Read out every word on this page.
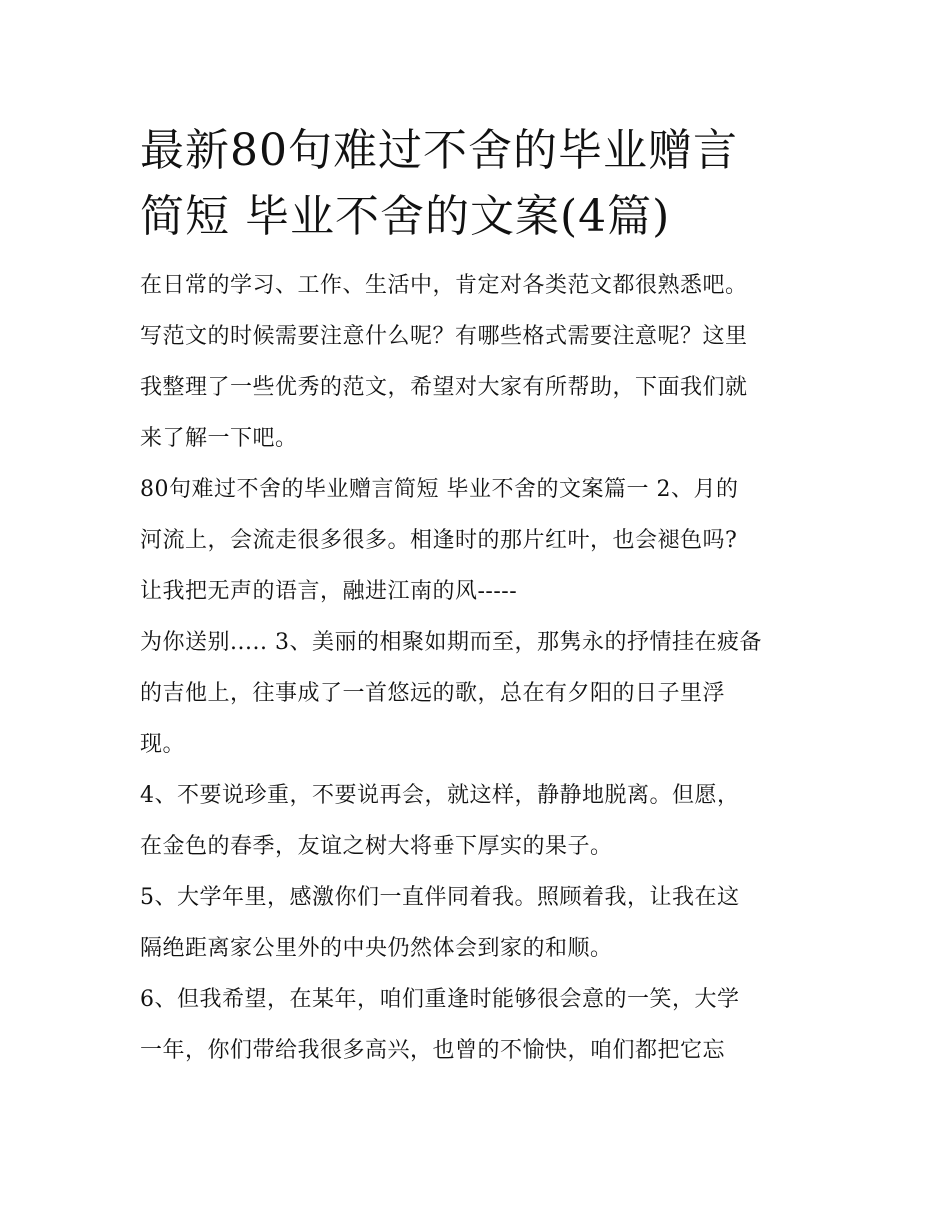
最新80句难过不舍的毕业赠言
简短 毕业不舍的文案(4篇)

在日常的学习、工作、生活中，肯定对各类范文都很熟悉吧。
写范文的时候需要注意什么呢？有哪些格式需要注意呢？这里
我整理了一些优秀的范文，希望对大家有所帮助，下面我们就
来了解一下吧。

80句难过不舍的毕业赠言简短 毕业不舍的文案篇一 2、月的
河流上，会流走很多很多。相逢时的那片红叶，也会褪色吗?
让我把无声的语言，融进江南的风-----

为你送别..... 3、美丽的相聚如期而至，那隽永的抒情挂在疲备
的吉他上，往事成了一首悠远的歌，总在有夕阳的日子里浮
现。

4、不要说珍重，不要说再会，就这样，静静地脱离。但愿，
在金色的春季，友谊之树大将垂下厚实的果子。

5、大学年里，感激你们一直伴同着我。照顾着我，让我在这
隔绝距离家公里外的中央仍然体会到家的和顺。

6、但我希望，在某年，咱们重逢时能够很会意的一笑，大学
一年，你们带给我很多高兴，也曾的不愉快，咱们都把它忘
